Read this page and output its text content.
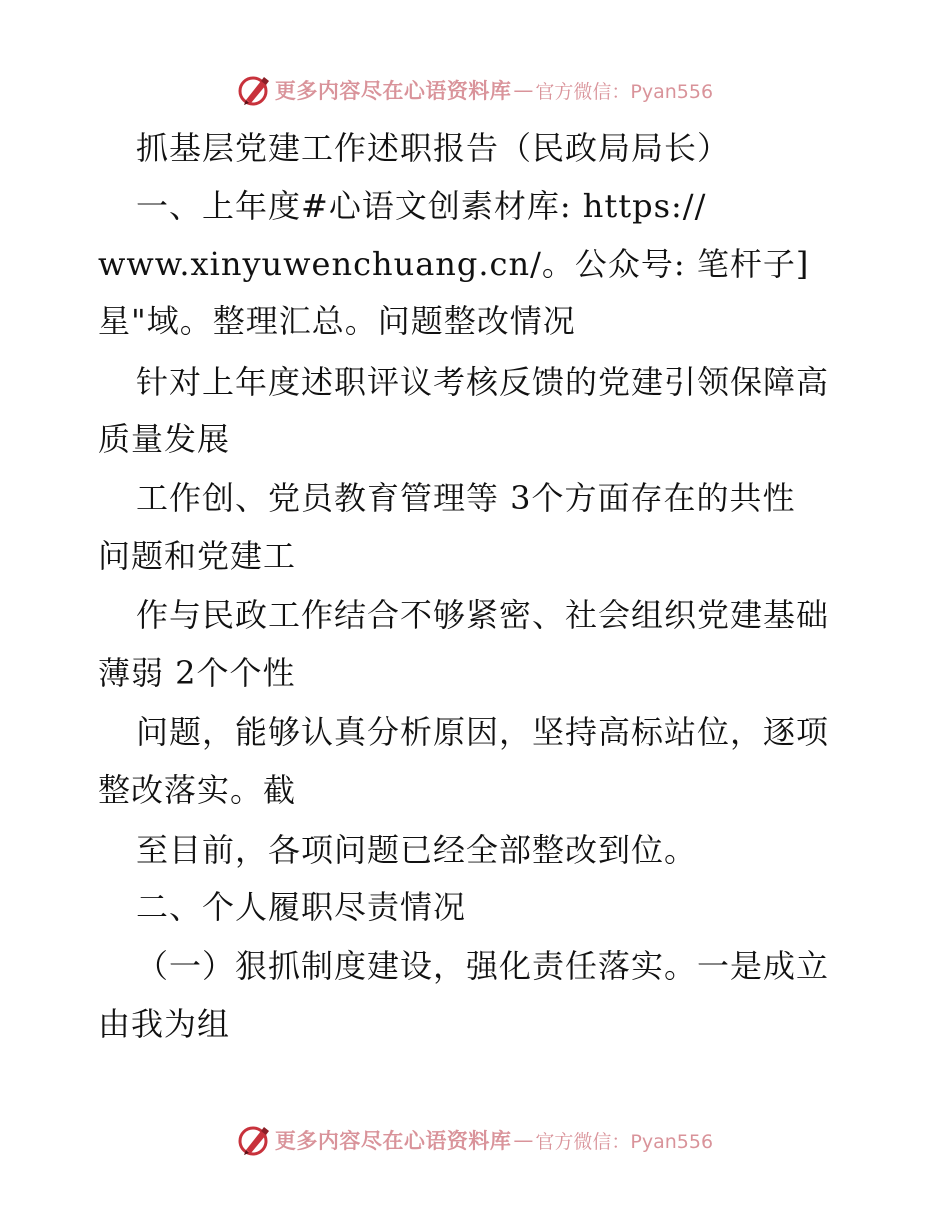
更多内容尽在心语资料库 — 官方微信：Pyan556
抓基层党建工作述职报告（民政局局长）
一、上年度#心语文创素材库: https://
www.xinyuwenchuang.cn/。公众号: 笔杆子]
星"域。整理汇总。问题整改情况
针对上年度述职评议考核反馈的党建引领保障高
质量发展
工作创、党员教育管理等 3个方面存在的共性
问题和党建工
作与民政工作结合不够紧密、社会组织党建基础
薄弱 2个个性
问题，能够认真分析原因，坚持高标站位，逐项
整改落实。截
至目前，各项问题已经全部整改到位。
二、个人履职尽责情况
（一）狠抓制度建设，强化责任落实。一是成立
由我为组
更多内容尽在心语资料库 — 官方微信：Pyan556
